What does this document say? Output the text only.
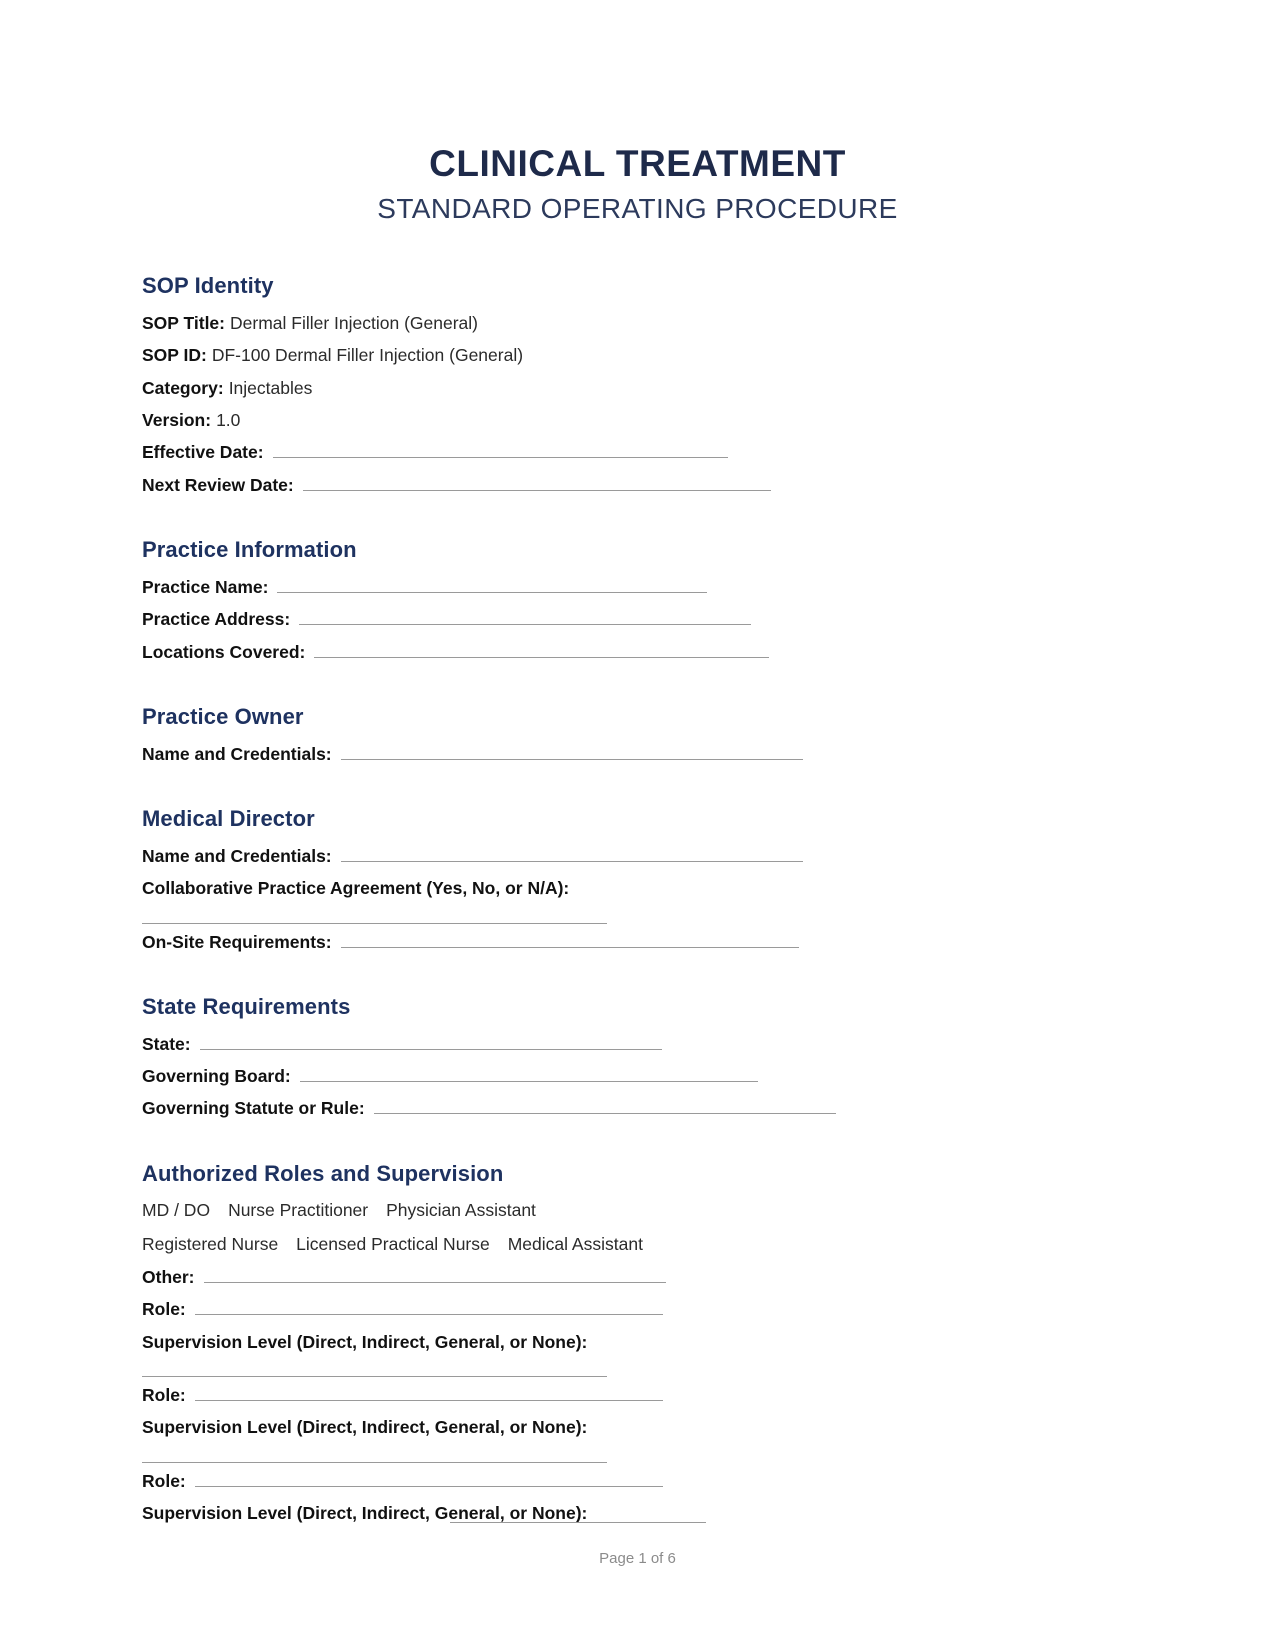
CLINICAL TREATMENT
STANDARD OPERATING PROCEDURE
SOP Identity
SOP Title: Dermal Filler Injection (General)
SOP ID: DF-100 Dermal Filler Injection (General)
Category: Injectables
Version: 1.0
Effective Date:
Next Review Date:
Practice Information
Practice Name:
Practice Address:
Locations Covered:
Practice Owner
Name and Credentials:
Medical Director
Name and Credentials:
Collaborative Practice Agreement (Yes, No, or N/A):
On-Site Requirements:
State Requirements
State:
Governing Board:
Governing Statute or Rule:
Authorized Roles and Supervision
MD / DO Nurse Practitioner Physician Assistant
Registered Nurse Licensed Practical Nurse Medical Assistant
Other:
Role:
Supervision Level (Direct, Indirect, General, or None):
Role:
Supervision Level (Direct, Indirect, General, or None):
Role:
Supervision Level (Direct, Indirect, General, or None):
Page 1 of 6
